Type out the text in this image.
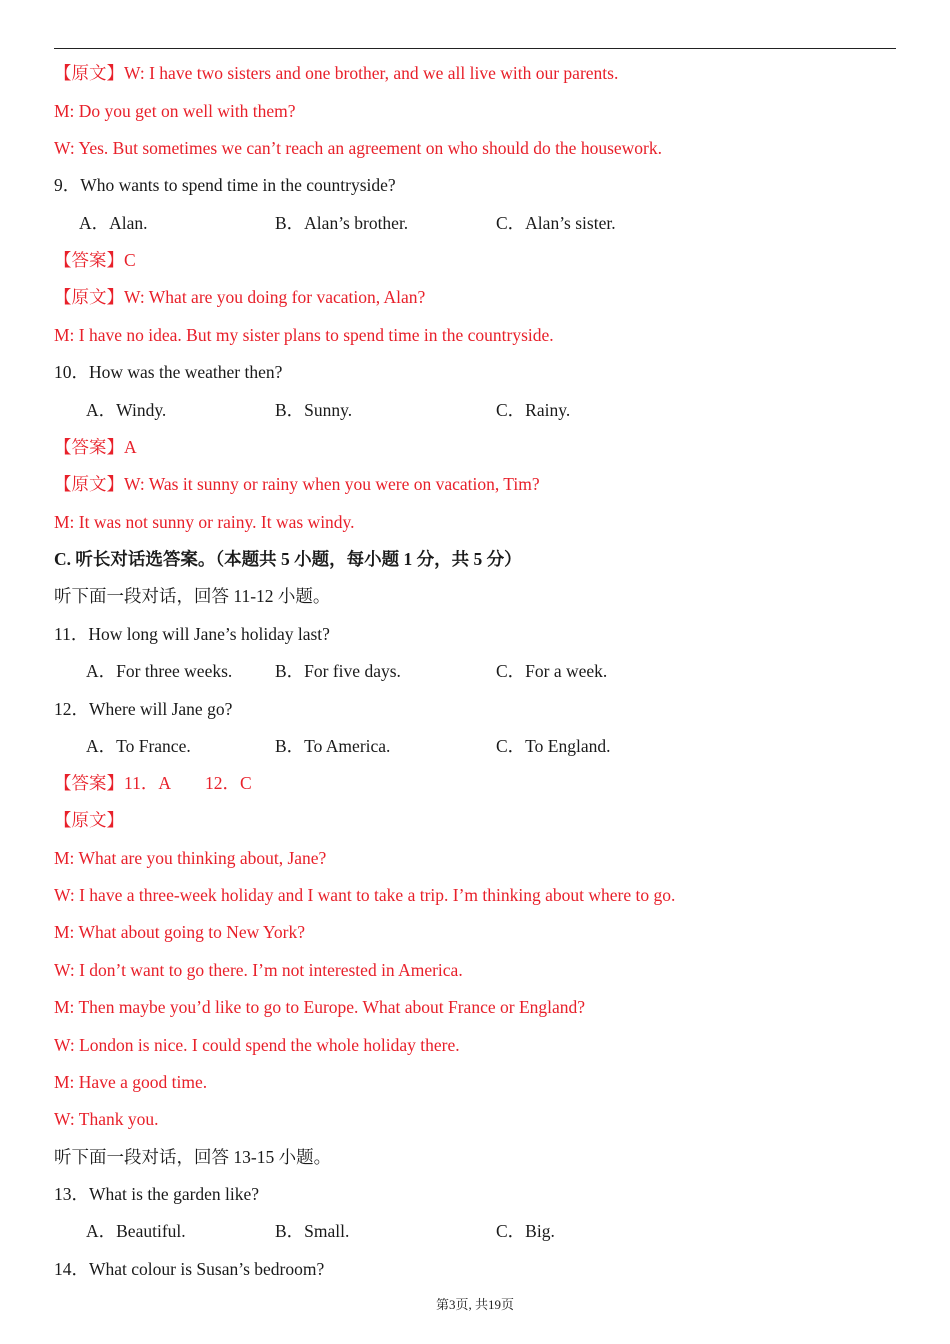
【原文】W: I have two sisters and one brother, and we all live with our parents.
M: Do you get on well with them?
W: Yes. But sometimes we can’t reach an agreement on who should do the housework.
9．Who wants to spend time in the countryside?
A．Alan.	B．Alan’s brother.	C．Alan’s sister.
【答案】C
【原文】W: What are you doing for vacation, Alan?
M: I have no idea. But my sister plans to spend time in the countryside.
10．How was the weather then?
A．Windy.	B．Sunny.	C．Rainy.
【答案】A
【原文】W: Was it sunny or rainy when you were on vacation, Tim?
M: It was not sunny or rainy. It was windy.
C. 听长对话选答案。（本题共 5 小题，每小题 1 分，共 5 分）
听下面一段对话，回答 11-12 小题。
11．How long will Jane’s holiday last?
A．For three weeks. B．For five days.	C．For a week.
12．Where will Jane go?
A．To France.	B．To America.	C．To England.
【答案】11．A　　12．C
【原文】
M: What are you thinking about, Jane?
W: I have a three-week holiday and I want to take a trip. I’m thinking about where to go.
M: What about going to New York?
W: I don’t want to go there. I’m not interested in America.
M: Then maybe you’d like to go to Europe. What about France or England?
W: London is nice. I could spend the whole holiday there.
M: Have a good time.
W: Thank you.
听下面一段对话，回答 13-15 小题。
13．What is the garden like?
A．Beautiful.	B．Small.	C．Big.
14．What colour is Susan’s bedroom?
第3页, 共19页
